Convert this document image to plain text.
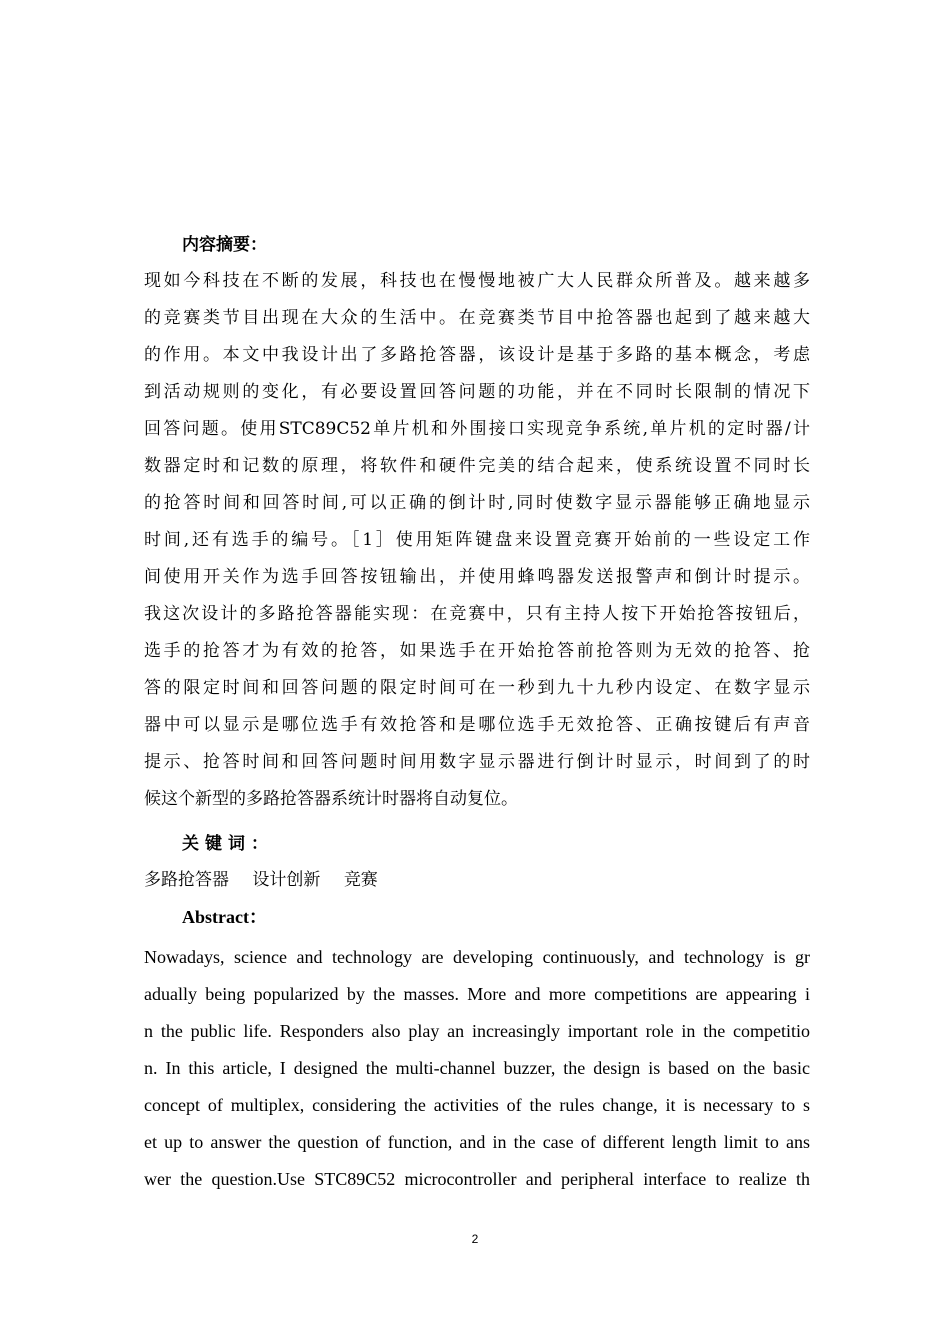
内容摘要：
现如今科技在不断的发展，科技也在慢慢地被广大人民群众所普及。越来越多
的竞赛类节目出现在大众的生活中。在竞赛类节目中抢答器也起到了越来越大
的作用。本文中我设计出了多路抢答器，该设计是基于多路的基本概念，考虑
到活动规则的变化，有必要设置回答问题的功能，并在不同时长限制的情况下
回答问题。使用STC89C52单片机和外围接口实现竞争系统,单片机的定时器/计
数器定时和记数的原理，将软件和硬件完美的结合起来，使系统设置不同时长
的抢答时间和回答时间,可以正确的倒计时,同时使数字显示器能够正确地显示
时间,还有选手的编号。［1］使用矩阵键盘来设置竞赛开始前的一些设定工作
间使用开关作为选手回答按钮输出，并使用蜂鸣器发送报警声和倒计时提示。
我这次设计的多路抢答器能实现：在竞赛中，只有主持人按下开始抢答按钮后，
选手的抢答才为有效的抢答，如果选手在开始抢答前抢答则为无效的抢答、抢
答的限定时间和回答问题的限定时间可在一秒到九十九秒内设定、在数字显示
器中可以显示是哪位选手有效抢答和是哪位选手无效抢答、正确按键后有声音
提示、抢答时间和回答问题时间用数字显示器进行倒计时显示，时间到了的时
候这个新型的多路抢答器系统计时器将自动复位。
关键词：
多路抢答器 设计创新 竞赛
Abstract：
Nowadays, science and technology are developing continuously, and technology is gr
adually being popularized by the masses. More and more competitions are appearing i
n the public life. Responders also play an increasingly important role in the competitio
n. In this article, I designed the multi-channel buzzer, the design is based on the basic
concept of multiplex, considering the activities of the rules change, it is necessary to s
et up to answer the question of function, and in the case of different length limit to ans
wer the question.Use STC89C52 microcontroller and peripheral interface to realize th
2
